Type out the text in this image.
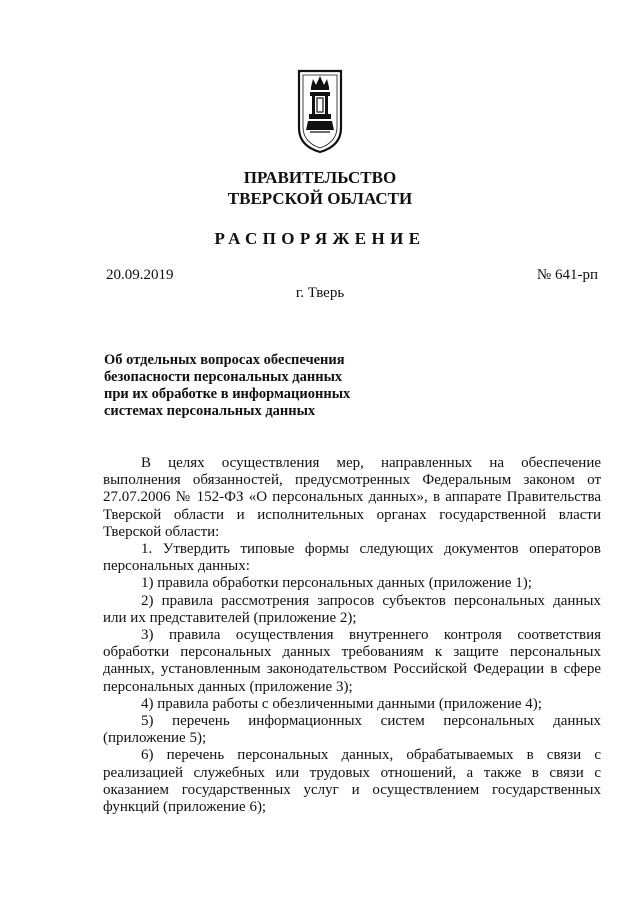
ПРАВИТЕЛЬСТВО
ТВЕРСКОЙ ОБЛАСТИ
РАСПОРЯЖЕНИЕ
20.09.2019	№ 641-рп
г. Тверь
Об отдельных вопросах обеспечения
безопасности персональных данных
при их обработке в информационных
системах персональных данных

В целях осуществления мер, направленных на обеспечение выполнения обязанностей, предусмотренных Федеральным законом от 27.07.2006 № 152-ФЗ «О персональных данных», в аппарате Правительства Тверской области и исполнительных органах государственной власти Тверской области:

1. Утвердить типовые формы следующих документов операторов персональных данных:

1) правила обработки персональных данных (приложение 1);

2) правила рассмотрения запросов субъектов персональных данных или их представителей (приложение 2);

3) правила осуществления внутреннего контроля соответствия обработки персональных данных требованиям к защите персональных данных, установленным законодательством Российской Федерации в сфере персональных данных (приложение 3);

4) правила работы с обезличенными данными (приложение 4);

5) перечень информационных систем персональных данных (приложение 5);

6) перечень персональных данных, обрабатываемых в связи с реализацией служебных или трудовых отношений, а также в связи с оказанием государственных услуг и осуществлением государственных функций (приложение 6);
